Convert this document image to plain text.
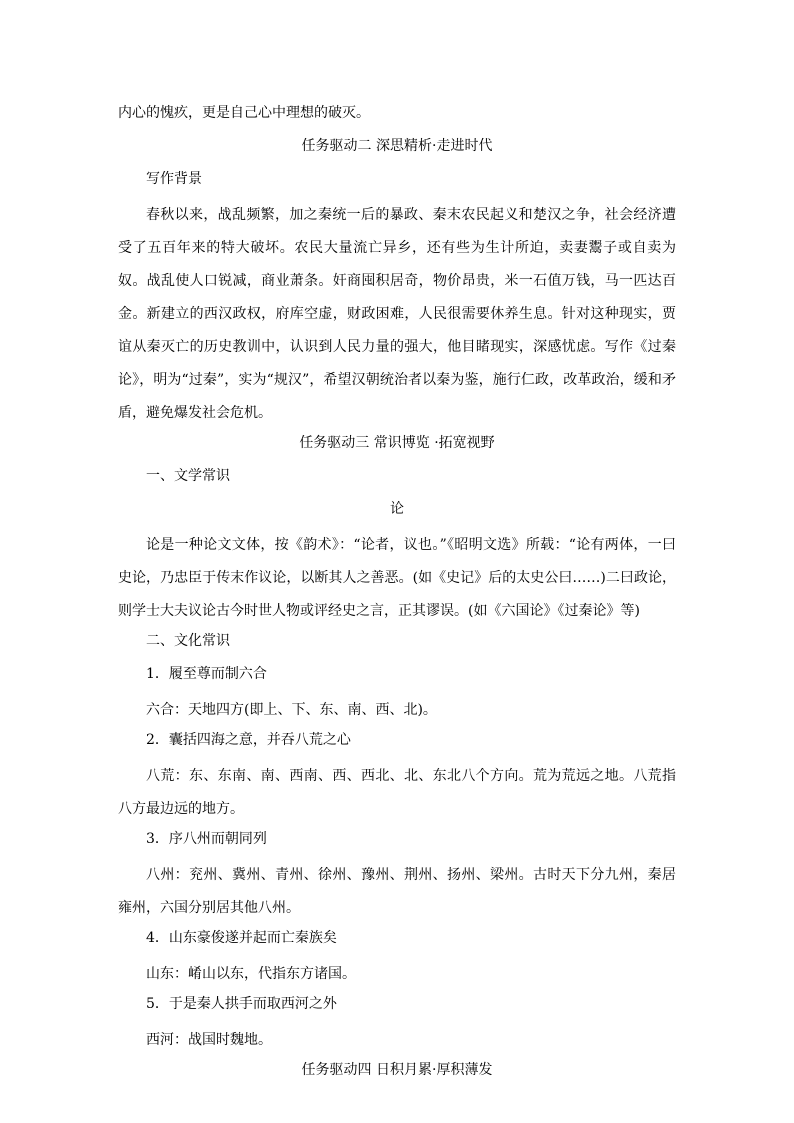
内心的愧疚，更是自己心中理想的破灭。
任务驱动二 深思精析·走进时代
写作背景

春秋以来，战乱频繁，加之秦统一后的暴政、秦末农民起义和楚汉之争，社会经济遭受了五百年来的特大破坏。农民大量流亡异乡，还有些为生计所迫，卖妻鬻子或自卖为奴。战乱使人口锐减，商业萧条。奸商囤积居奇，物价昂贵，米一石值万钱，马一匹达百金。新建立的西汉政权，府库空虚，财政困难，人民很需要休养生息。针对这种现实，贾谊从秦灭亡的历史教训中，认识到人民力量的强大，他目睹现实，深感忧虑。写作《过秦论》，明为“过秦”，实为“规汉”，希望汉朝统治者以秦为鉴，施行仁政，改革政治，缓和矛盾，避免爆发社会危机。

任务驱动三 常识博览 ·拓宽视野
一、文学常识
论

论是一种论文文体，按《韵术》：“论者，议也。”《昭明文选》所载：“论有两体，一曰史论，乃忠臣于传末作议论，以断其人之善恶。(如《史记》后的太史公曰……)二曰政论，则学士大夫议论古今时世人物或评经史之言，正其谬误。(如《六国论》《过秦论》等)

二、文化常识
1．履至尊而制六合

六合：天地四方(即上、下、东、南、西、北)。

2．囊括四海之意，并吞八荒之心

八荒：东、东南、南、西南、西、西北、北、东北八个方向。荒为荒远之地。八荒指八方最边远的地方。

3．序八州而朝同列

八州：兖州、冀州、青州、徐州、豫州、荆州、扬州、梁州。古时天下分九州，秦居雍州，六国分别居其他八州。

4．山东豪俊遂并起而亡秦族矣

山东：崤山以东，代指东方诸国。

5．于是秦人拱手而取西河之外

西河：战国时魏地。

任务驱动四 日积月累·厚积薄发
